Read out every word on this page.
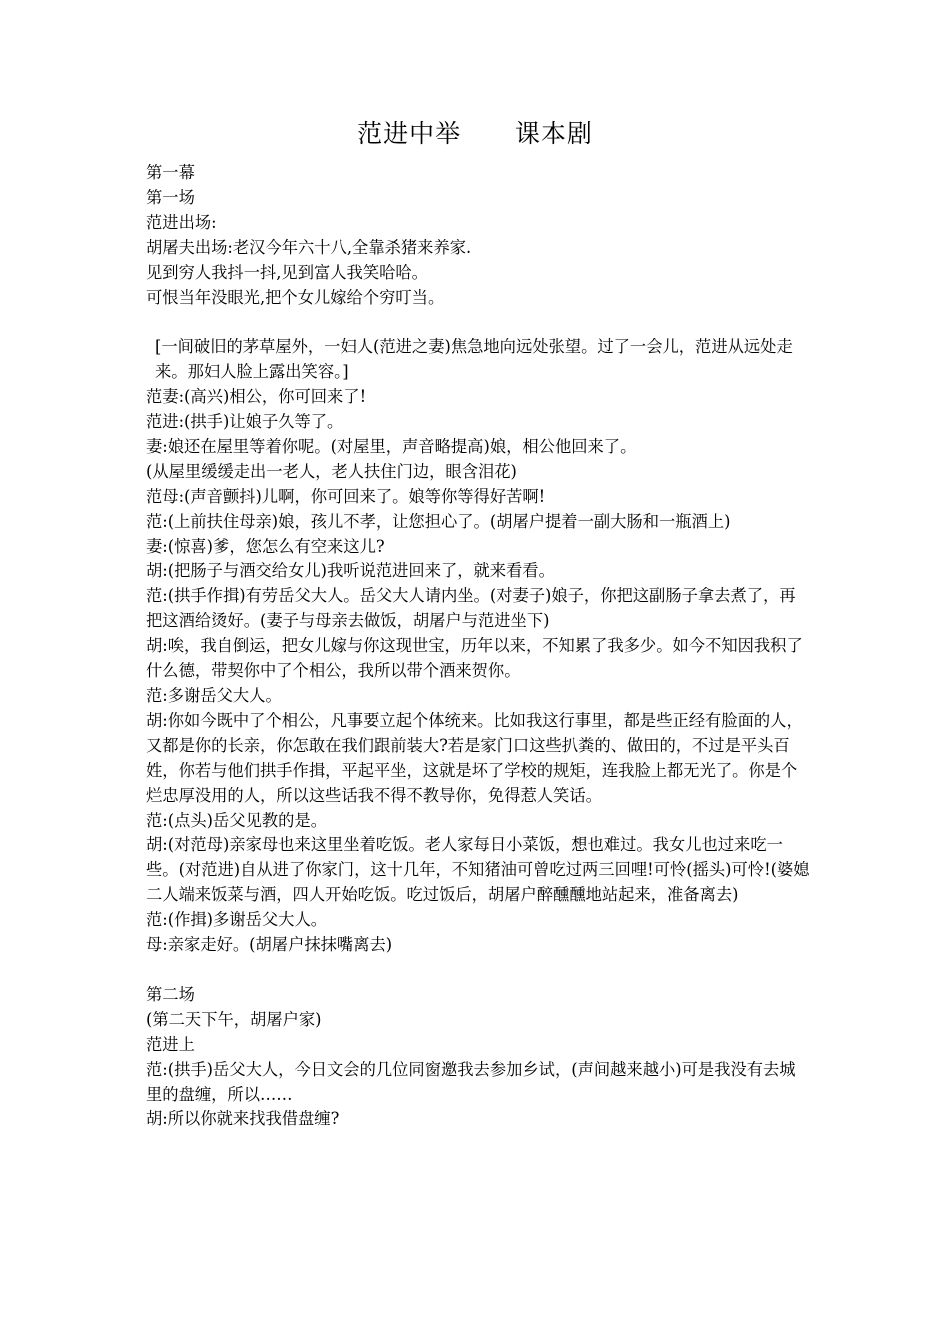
范进中举      课本剧

第一幕

第一场

范进出场:

胡屠夫出场:老汉今年六十八,全靠杀猪来养家.

见到穷人我抖一抖,见到富人我笑哈哈。

可恨当年没眼光,把个女儿嫁给个穷叮当。

[一间破旧的茅草屋外，一妇人(范进之妻)焦急地向远处张望。过了一会儿，范进从远处走来。那妇人脸上露出笑容。]

范妻:(高兴)相公，你可回来了!

范进:(拱手)让娘子久等了。

妻:娘还在屋里等着你呢。(对屋里，声音略提高)娘，相公他回来了。

(从屋里缓缓走出一老人，老人扶住门边，眼含泪花)

范母:(声音颤抖)儿啊，你可回来了。娘等你等得好苦啊!

范:(上前扶住母亲)娘，孩儿不孝，让您担心了。(胡屠户提着一副大肠和一瓶酒上)

妻:(惊喜)爹，您怎么有空来这儿?

胡:(把肠子与酒交给女儿)我听说范进回来了，就来看看。

范:(拱手作揖)有劳岳父大人。岳父大人请内坐。(对妻子)娘子，你把这副肠子拿去煮了，再把这酒给烫好。(妻子与母亲去做饭，胡屠户与范进坐下)

胡:唉，我自倒运，把女儿嫁与你这现世宝，历年以来，不知累了我多少。如今不知因我积了什么德，带契你中了个相公，我所以带个酒来贺你。

范:多谢岳父大人。

胡:你如今既中了个相公，凡事要立起个体统来。比如我这行事里，都是些正经有脸面的人，又都是你的长亲，你怎敢在我们跟前装大?若是家门口这些扒粪的、做田的，不过是平头百姓，你若与他们拱手作揖，平起平坐，这就是坏了学校的规矩，连我脸上都无光了。你是个烂忠厚没用的人，所以这些话我不得不教导你，免得惹人笑话。

范:(点头)岳父见教的是。

胡:(对范母)亲家母也来这里坐着吃饭。老人家每日小菜饭，想也难过。我女儿也过来吃一些。(对范进)自从进了你家门，这十几年，不知猪油可曾吃过两三回哩!可怜(摇头)可怜!(婆媳二人端来饭菜与酒，四人开始吃饭。吃过饭后，胡屠户醉醺醺地站起来，准备离去)

范:(作揖)多谢岳父大人。

母:亲家走好。(胡屠户抹抹嘴离去)

第二场

(第二天下午，胡屠户家)

范进上

范:(拱手)岳父大人，今日文会的几位同窗邀我去参加乡试，(声间越来越小)可是我没有去城里的盘缠，所以……

胡:所以你就来找我借盘缠?
